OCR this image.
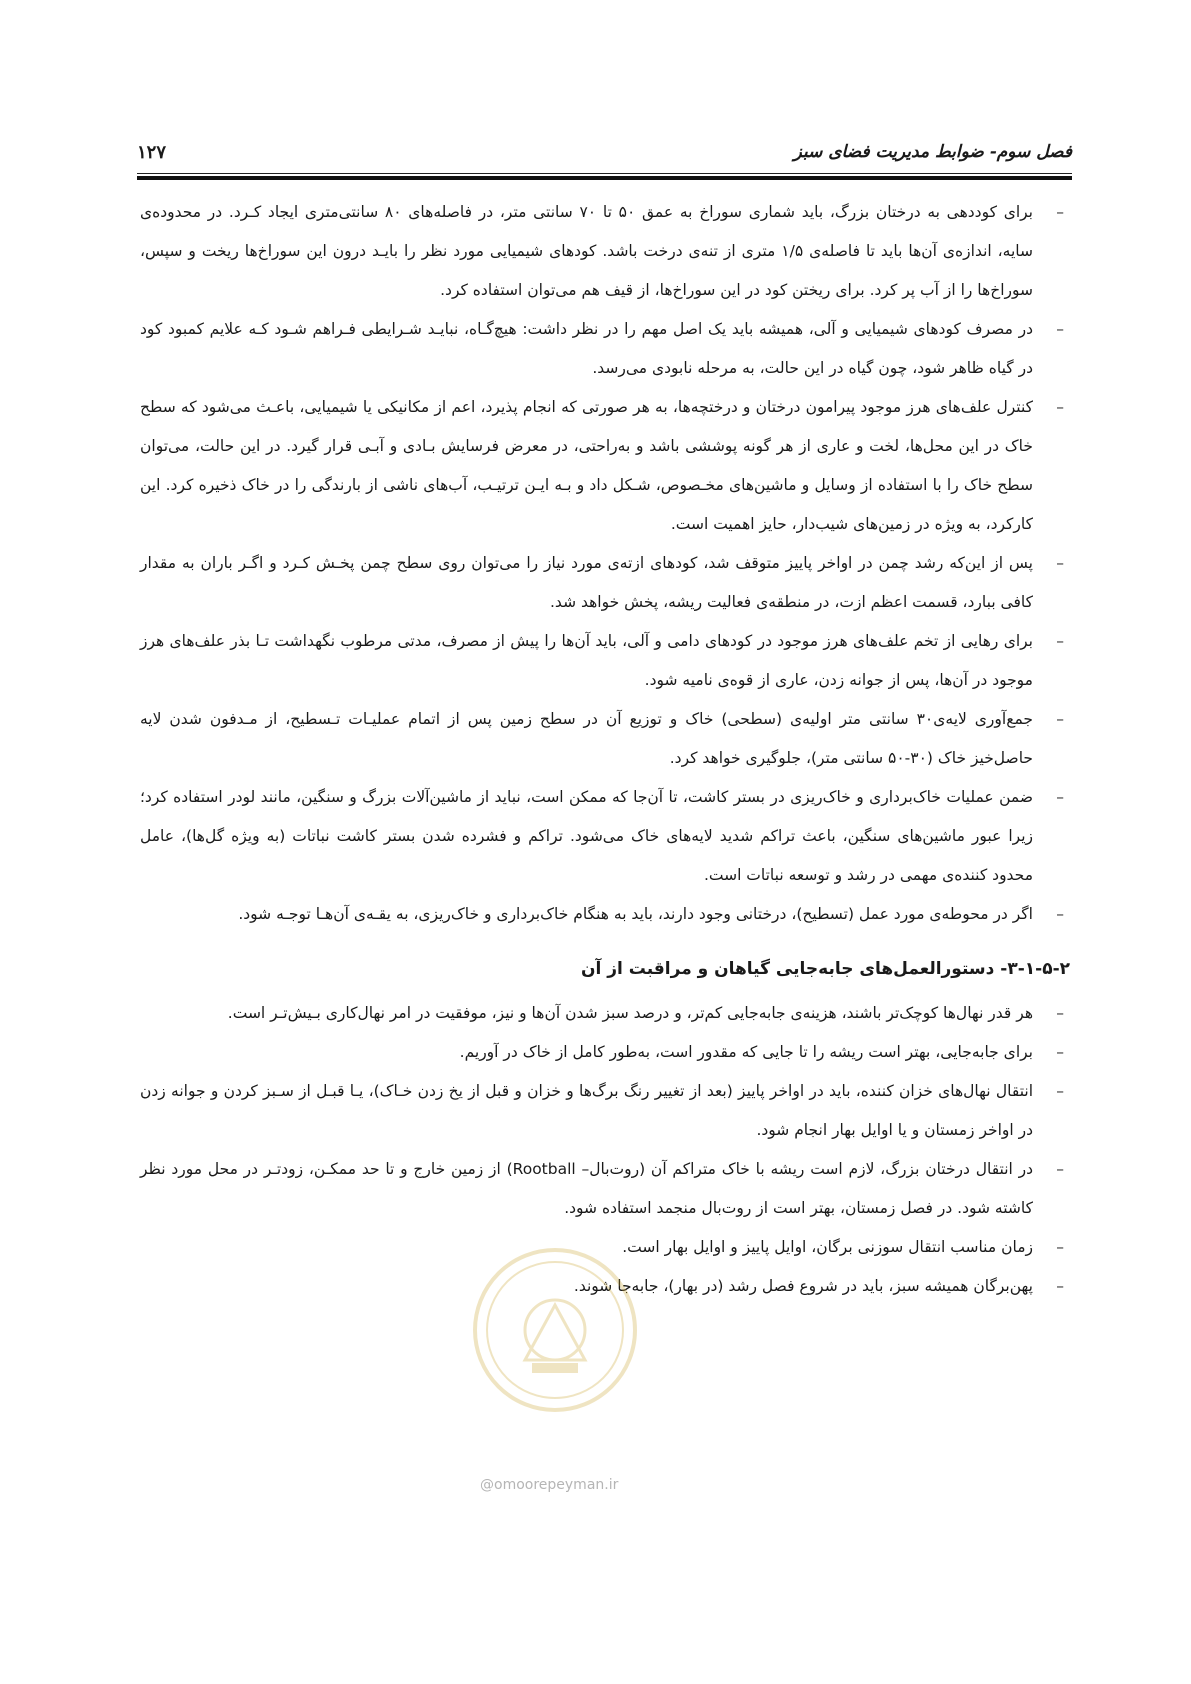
فصل سوم- ضوابط مدیریت فضای سبز
۱۲۷
–
برای کوددهی به درختان بزرگ، باید شماری سوراخ به عمق ۵۰ تا ۷۰ سانتی متر، در فاصله‌های ۸۰ سانتی‌متری ایجاد کـرد. در محدوده‌ی سایه، اندازه‌ی آن‌ها باید تا فاصله‌ی ۱/۵ متری از تنه‌ی درخت باشد. کودهای شیمیایی مورد نظر را بایـد درون این سوراخ‌ها ریخت و سپس، سوراخ‌ها را از آب پر کرد. برای ریختن کود در این سوراخ‌ها، از قیف هم می‌توان استفاده کرد.
–
در مصرف کودهای شیمیایی و آلی، همیشه باید یک اصل مهم را در نظر داشت: هیچ‌گـاه، نبایـد شـرایطی فـراهم شـود کـه علایم کمبود کود در گیاه ظاهر شود، چون گیاه در این حالت، به مرحله نابودی می‌رسد.
–
کنترل علف‌های هرز موجود پیرامون درختان و درختچه‌ها، به هر صورتی که انجام پذیرد، اعم از مکانیکی یا شیمیایی، باعـث می‌شود که سطح خاک در این محل‌ها، لخت و عاری از هر گونه پوششی باشد و به‌راحتی، در معرض فرسایش بـادی و آبـی قرار گیرد. در این حالت، می‌توان سطح خاک را با استفاده از وسایل و ماشین‌های مخـصوص، شـکل داد و بـه ایـن ترتیـب، آب‌های ناشی از بارندگی را در خاک ذخیره کرد. این کارکرد، به ویژه در زمین‌های شیب‌دار، حایز اهمیت است.
–
پس از این‌که رشد چمن در اواخر پاییز متوقف شد، کودهای ازته‌ی مورد نیاز را می‌توان روی سطح چمن پخـش کـرد و اگـر باران به مقدار کافی ببارد، قسمت اعظم ازت، در منطقه‌ی فعالیت ریشه، پخش خواهد شد.
–
برای رهایی از تخم علف‌های هرز موجود در کودهای دامی و آلی، باید آن‌ها را پیش از مصرف، مدتی مرطوب نگهداشت تـا بذر علف‌های هرز موجود در آن‌ها، پس از جوانه زدن، عاری از قوه‌ی نامیه شود.
–
جمع‌آوری لایه‌ی۳۰ سانتی متر اولیه‌ی (سطحی) خاک و توزیع آن در سطح زمین پس از اتمام عملیـات تـسطیح، از مـدفون شدن لایه حاصل‌خیز خاک (۳۰-۵۰ سانتی متر)، جلوگیری خواهد کرد.
–
ضمن عملیات خاک‌برداری و خاک‌ریزی در بستر کاشت، تا آن‌جا که ممکن است، نباید از ماشین‌آلات بزرگ و سنگین، مانند لودر استفاده کرد؛ زیرا عبور ماشین‌های سنگین، باعث تراکم شدید لایه‌های خاک می‌شود. تراکم و فشرده شدن بستر کاشت نباتات (به ویژه گل‌ها)، عامل محدود کننده‌ی مهمی در رشد و توسعه نباتات است.
–
اگر در محوطه‌ی مورد عمل (تسطیح)، درختانی وجود دارند، باید به هنگام خاک‌برداری و خاک‌ریزی، به یقـه‌ی آن‌هـا توجـه شود.
۳-۱-۵-۲- دستورالعمل‌های جابه‌جایی گیاهان و مراقبت از آن
–
هر قدر نهال‌ها کوچک‌تر باشند، هزینه‌ی جابه‌جایی کم‌تر، و درصد سبز شدن آن‌ها و نیز، موفقیت در امر نهال‌کاری بـیش‌تـر است.
–
برای جابه‌جایی، بهتر است ریشه را تا جایی که مقدور است، به‌طور کامل از خاک در آوریم.
–
انتقال نهال‌های خزان کننده، باید در اواخر پاییز (بعد از تغییر رنگ برگ‌ها و خزان و قبل از یخ زدن خـاک)، یـا قبـل از سـبز کردن و جوانه زدن در اواخر زمستان و یا اوایل بهار انجام شود.
–
در انتقال درختان بزرگ، لازم است ریشه با خاک متراکم آن (روت‌بال– Rootball) از زمین خارج و تا حد ممکـن، زودتـر در محل مورد نظر کاشته شود. در فصل زمستان، بهتر است از روت‌بال منجمد استفاده شود.
–
زمان مناسب انتقال سوزنی برگان، اوایل پاییز و اوایل بهار است.
–
پهن‌برگان همیشه سبز، باید در شروع فصل رشد (در بهار)، جابه‌جا شوند.
@omoorepeyman.ir
